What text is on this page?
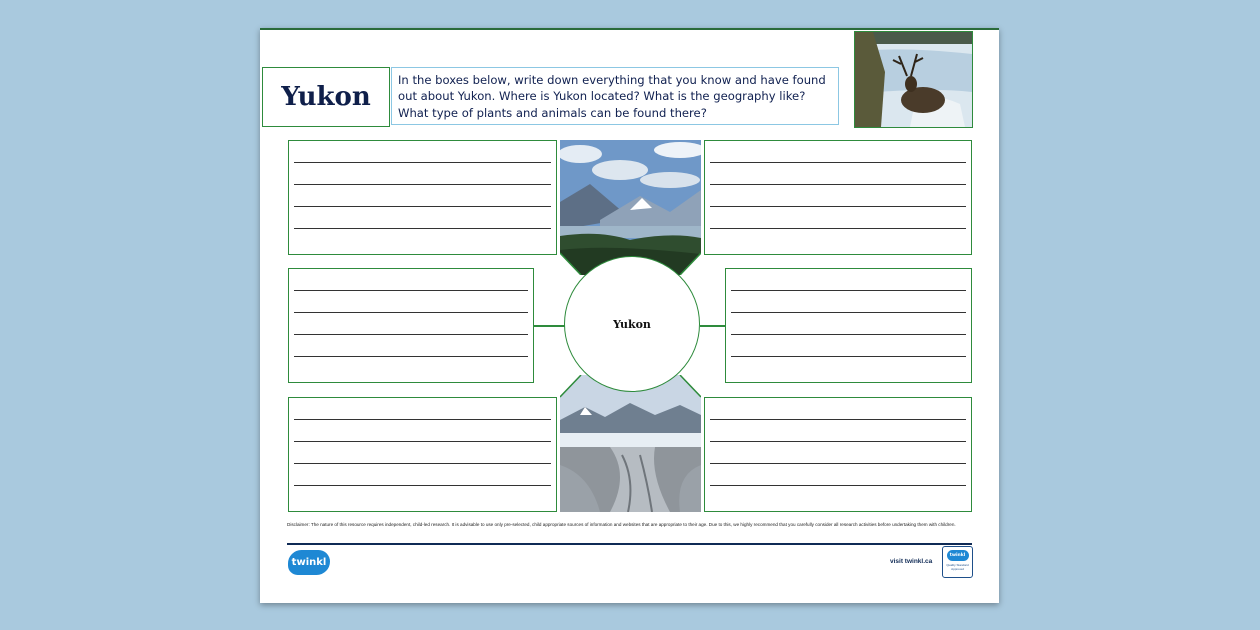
Yukon
In the boxes below, write down everything that you know and have found out about Yukon. Where is Yukon located? What is the geography like? What type of plants and animals can be found there?
Yukon
Disclaimer: The nature of this resource requires independent, child-led research. It is advisable to use only pre-selected, child appropriate sources of information and websites that are appropriate to their age. Due to this, we highly recommend that you carefully consider all research activities before undertaking them with children.
twinkl	visit twinkl.ca
twinkl
Quality Standard Approved
